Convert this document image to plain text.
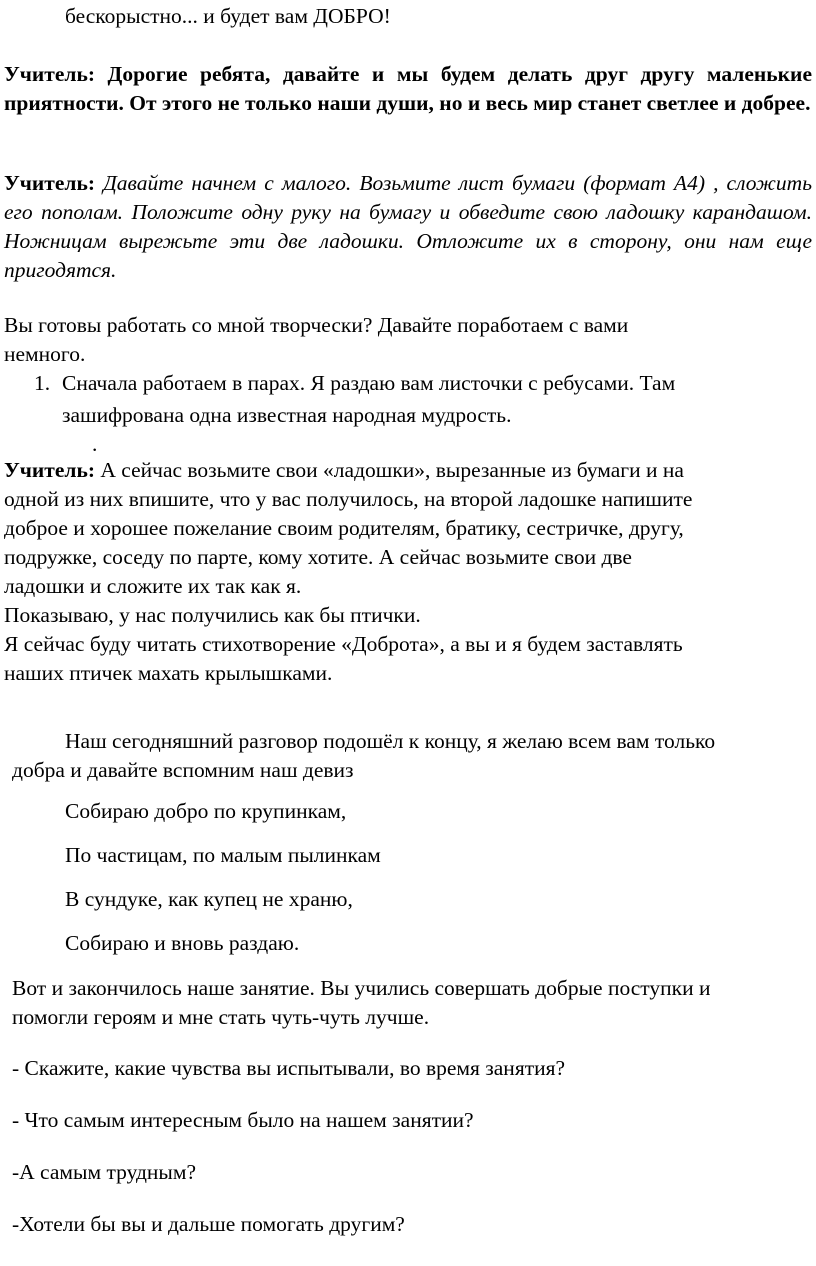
бескорыстно... и будет вам ДОБРО!

Учитель: Дорогие ребята, давайте и мы будем делать друг другу маленькие приятности. От этого не только наши души, но и весь мир станет светлее и добрее.

Учитель: Давайте начнем с малого. Возьмите лист бумаги (формат А4) , сложить его пополам. Положите одну руку на бумагу и обведите свою ладошку карандашом. Ножницам вырежьте эти две ладошки. Отложите их в сторону, они нам еще пригодятся.

Вы готовы работать со мной творчески? Давайте поработаем с вами
немного.

1. Сначала работаем в парах. Я раздаю вам листочки с ребусами. Там
зашифрована одна известная народная мудрость.

.

Учитель: А сейчас возьмите свои «ладошки», вырезанные из бумаги и на
одной из них впишите, что у вас получилось, на второй ладошке напишите
доброе и хорошее пожелание своим родителям, братику, сестричке, другу,
подружке, соседу по парте, кому хотите. А сейчас возьмите свои две
ладошки и сложите их так как я.
Показываю, у нас получились как бы птички.
Я сейчас буду читать стихотворение «Доброта», а вы и я будем заставлять
наших птичек махать крылышками.

Наш сегодняшний разговор подошёл к концу, я желаю всем вам только
добра и давайте вспомним наш девиз

Собираю добро по крупинкам,

По частицам, по малым пылинкам

В сундуке, как купец не храню,

Собираю и вновь раздаю.

Вот и закончилось наше занятие. Вы учились совершать добрые поступки и
помогли героям и мне стать чуть-чуть лучше.

- Скажите, какие чувства вы испытывали, во время занятия?

- Что самым интересным было на нашем занятии?

-А самым трудным?

-Хотели бы вы и дальше помогать другим?
